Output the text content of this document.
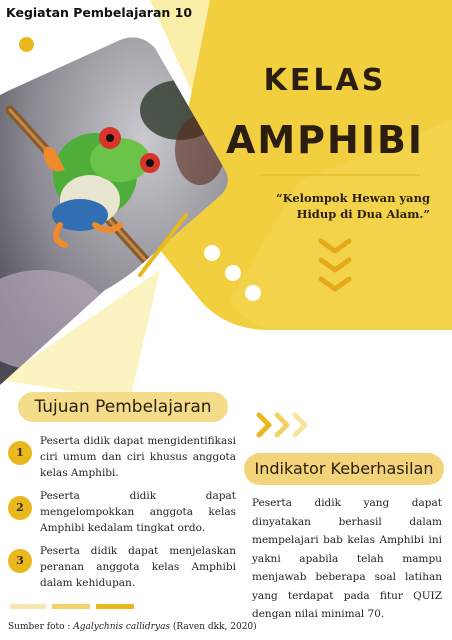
Kegiatan Pembelajaran 10
KELAS
AMPHIBI
“Kelompok Hewan yang Hidup di Dua Alam.”
Tujuan Pembelajaran
1
Peserta didik dapat mengidentifikasi ciri umum dan ciri khusus anggota kelas Amphibi.
2
Peserta didik dapat mengelompokkan anggota kelas Amphibi kedalam tingkat ordo.
3
Peserta didik dapat menjelaskan peranan anggota kelas Amphibi dalam kehidupan.
Indikator Keberhasilan
Peserta didik yang dapat dinyatakan berhasil dalam mempelajari bab kelas Amphibi ini yakni apabila telah mampu menjawab beberapa soal latihan yang terdapat pada fitur QUIZ dengan nilai minimal 70.
Sumber foto : Agalychnis callidryas (Raven dkk, 2020)
